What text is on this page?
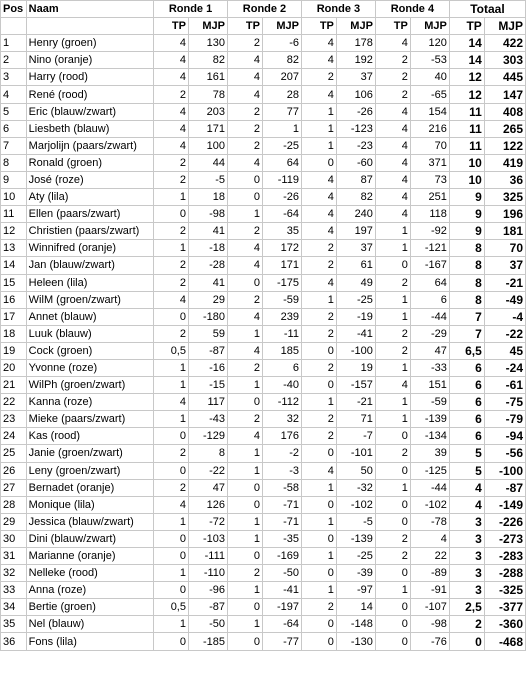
Pos	Naam	Ronde 1		Ronde 2		Ronde 3		Ronde 4		Totaal	
		TP	MJP	TP	MJP	TP	MJP	TP	MJP	TP	MJP
1	Henry (groen)	4	130	2	-6	4	178	4	120	14	422
2	Nino (oranje)	4	82	4	82	4	192	2	-53	14	303
3	Harry (rood)	4	161	4	207	2	37	2	40	12	445
4	René (rood)	2	78	4	28	4	106	2	-65	12	147
5	Eric (blauw/zwart)	4	203	2	77	1	-26	4	154	11	408
6	Liesbeth (blauw)	4	171	2	1	1	-123	4	216	11	265
7	Marjolijn (paars/zwart)	4	100	2	-25	1	-23	4	70	11	122
8	Ronald (groen)	2	44	4	64	0	-60	4	371	10	419
9	José (roze)	2	-5	0	-119	4	87	4	73	10	36
10	Aty (lila)	1	18	0	-26	4	82	4	251	9	325
11	Ellen (paars/zwart)	0	-98	1	-64	4	240	4	118	9	196
12	Christien (paars/zwart)	2	41	2	35	4	197	1	-92	9	181
13	Winnifred (oranje)	1	-18	4	172	2	37	1	-121	8	70
14	Jan (blauw/zwart)	2	-28	4	171	2	61	0	-167	8	37
15	Heleen (lila)	2	41	0	-175	4	49	2	64	8	-21
16	WilM (groen/zwart)	4	29	2	-59	1	-25	1	6	8	-49
17	Annet (blauw)	0	-180	4	239	2	-19	1	-44	7	-4
18	Luuk (blauw)	2	59	1	-11	2	-41	2	-29	7	-22
19	Cock (groen)	0,5	-87	4	185	0	-100	2	47	6,5	45
20	Yvonne (roze)	1	-16	2	6	2	19	1	-33	6	-24
21	WilPh (groen/zwart)	1	-15	1	-40	0	-157	4	151	6	-61
22	Kanna (roze)	4	117	0	-112	1	-21	1	-59	6	-75
23	Mieke (paars/zwart)	1	-43	2	32	2	71	1	-139	6	-79
24	Kas (rood)	0	-129	4	176	2	-7	0	-134	6	-94
25	Janie (groen/zwart)	2	8	1	-2	0	-101	2	39	5	-56
26	Leny (groen/zwart)	0	-22	1	-3	4	50	0	-125	5	-100
27	Bernadet (oranje)	2	47	0	-58	1	-32	1	-44	4	-87
28	Monique (lila)	4	126	0	-71	0	-102	0	-102	4	-149
29	Jessica (blauw/zwart)	1	-72	1	-71	1	-5	0	-78	3	-226
30	Dini (blauw/zwart)	0	-103	1	-35	0	-139	2	4	3	-273
31	Marianne (oranje)	0	-111	0	-169	1	-25	2	22	3	-283
32	Nelleke (rood)	1	-110	2	-50	0	-39	0	-89	3	-288
33	Anna (roze)	0	-96	1	-41	1	-97	1	-91	3	-325
34	Bertie (groen)	0,5	-87	0	-197	2	14	0	-107	2,5	-377
35	Nel (blauw)	1	-50	1	-64	0	-148	0	-98	2	-360
36	Fons (lila)	0	-185	0	-77	0	-130	0	-76	0	-468
